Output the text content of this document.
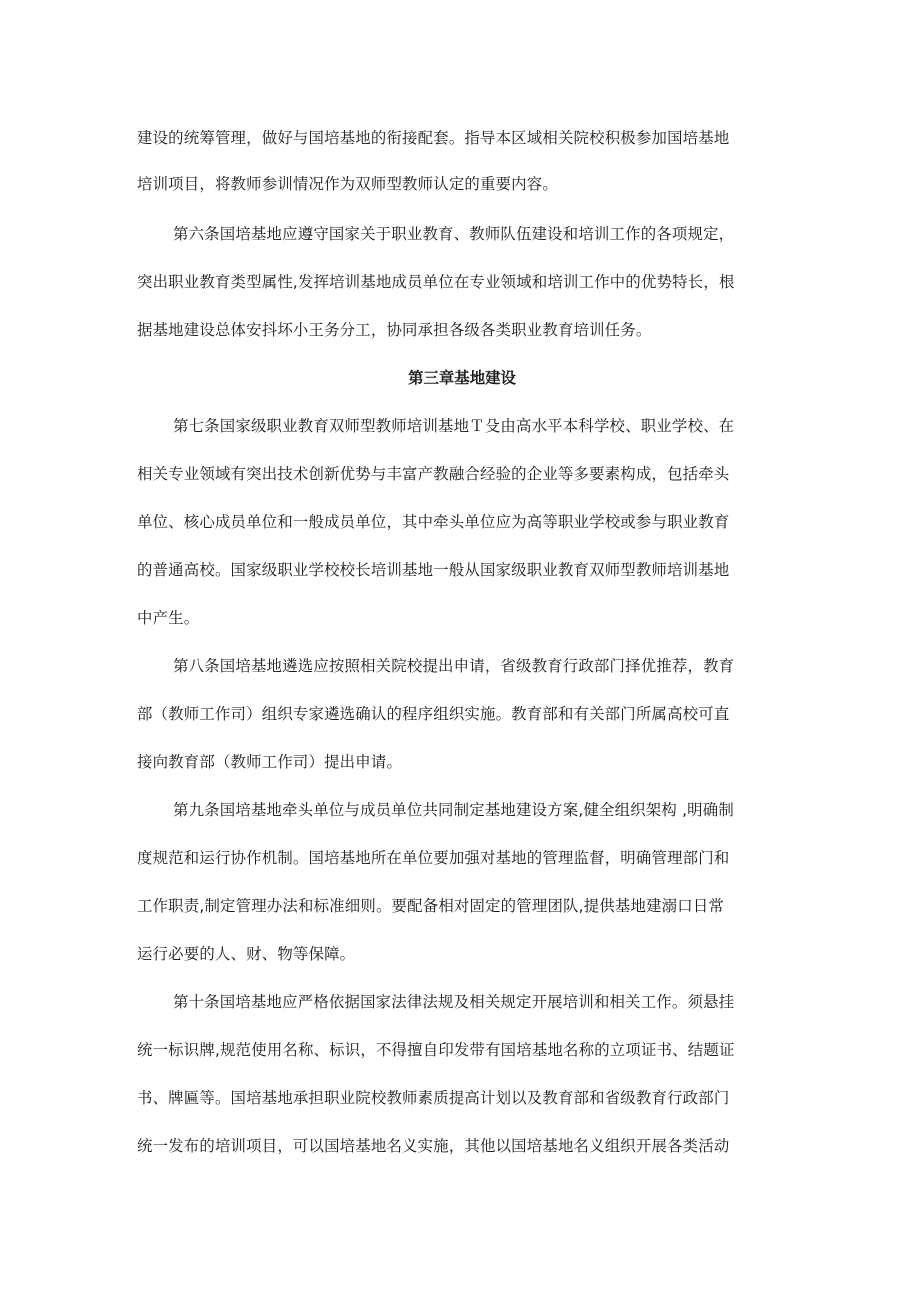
建设的统筹管理，做好与国培基地的衔接配套。指导本区域相关院校积极参加国培基地
培训项目，将教师参训情况作为双师型教师认定的重要内容。
第六条国培基地应遵守国家关于职业教育、教师队伍建设和培训工作的各项规定，
突出职业教育类型属性,发挥培训基地成员单位在专业领域和培训工作中的优势特长，根
据基地建设总体安抖坏小王务分工，协同承担各级各类职业教育培训任务。
第三章基地建设
第七条国家级职业教育双师型教师培训基地Ｔ殳由高水平本科学校、职业学校、在
相关专业领域有突出技术创新优势与丰富产教融合经验的企业等多要素构成，包括牵头
单位、核心成员单位和一般成员单位，其中牵头单位应为高等职业学校或参与职业教育
的普通高校。国家级职业学校校长培训基地一般从国家级职业教育双师型教师培训基地
中产生。
第八条国培基地遴选应按照相关院校提出申请，省级教育行政部门择优推荐，教育
部（教师工作司）组织专家遴选确认的程序组织实施。教育部和有关部门所属高校可直
接向教育部（教师工作司）提出申请。
第九条国培基地牵头单位与成员单位共同制定基地建设方案,健全组织架构 ,明确制
度规范和运行协作机制。国培基地所在单位要加强对基地的管理监督，明确管理部门和
工作职责,制定管理办法和标准细则。要配备相对固定的管理团队,提供基地建溺口日常
运行必要的人、财、物等保障。
第十条国培基地应严格依据国家法律法规及相关规定开展培训和相关工作。须悬挂
统一标识牌,规范使用名称、标识，不得擅自印发带有国培基地名称的立项证书、结题证
书、牌匾等。国培基地承担职业院校教师素质提高计划以及教育部和省级教育行政部门
统一发布的培训项目，可以国培基地名义实施，其他以国培基地名义组织开展各类活动
